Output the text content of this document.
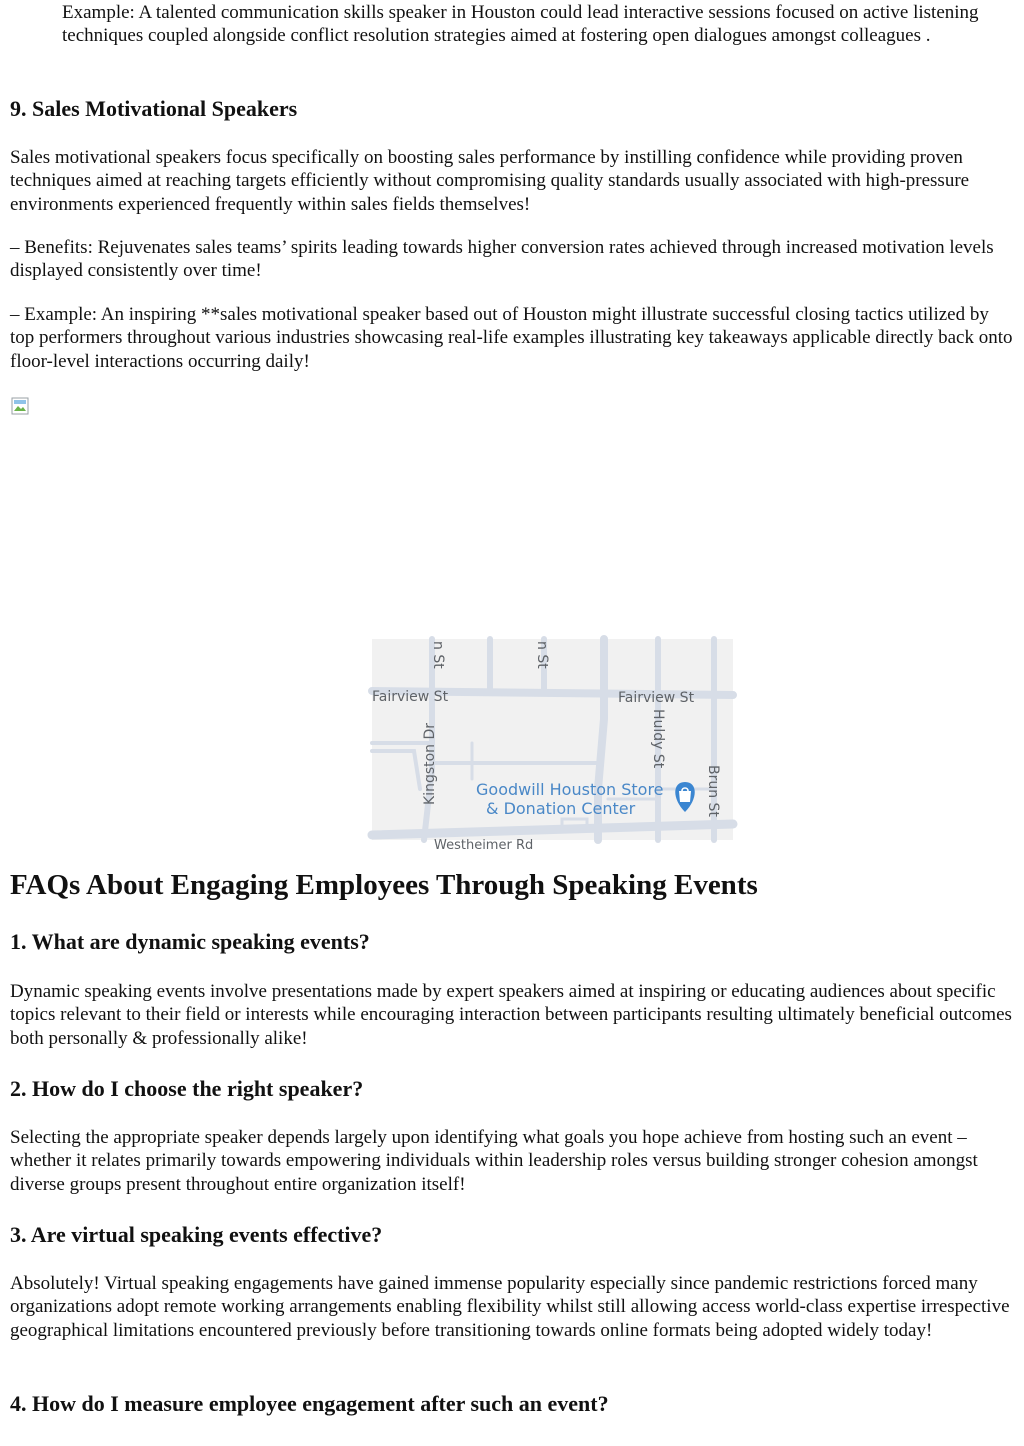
Example: A talented communication skills speaker in Houston could lead interactive sessions focused on active listening techniques coupled alongside conflict resolution strategies aimed at fostering open dialogues amongst colleagues .

9. Sales Motivational Speakers

Sales motivational speakers focus specifically on boosting sales performance by instilling confidence while providing proven techniques aimed at reaching targets efficiently without compromising quality standards usually associated with high-pressure environments experienced frequently within sales fields themselves!

– Benefits: Rejuvenates sales teams’ spirits leading towards higher conversion rates achieved through increased motivation levels displayed consistently over time!

– Example: An inspiring **sales motivational speaker based out of Houston might illustrate successful closing tactics utilized by top performers throughout various industries showcasing real-life examples illustrating key takeaways applicable directly back onto floor-level interactions occurring daily!

n St	n St
Fairview St	Fairview St
Kingston Dr	Huldy St
Brun St
Westheimer Rd
Goodwill Houston Store
& Donation Center
FAQs About Engaging Employees Through Speaking Events
1. What are dynamic speaking events?

Dynamic speaking events involve presentations made by expert speakers aimed at inspiring or educating audiences about specific topics relevant to their field or interests while encouraging interaction between participants resulting ultimately beneficial outcomes both personally & professionally alike!

2. How do I choose the right speaker?

Selecting the appropriate speaker depends largely upon identifying what goals you hope achieve from hosting such an event – whether it relates primarily towards empowering individuals within leadership roles versus building stronger cohesion amongst diverse groups present throughout entire organization itself!

3. Are virtual speaking events effective?

Absolutely! Virtual speaking engagements have gained immense popularity especially since pandemic restrictions forced many organizations adopt remote working arrangements enabling flexibility whilst still allowing access world-class expertise irrespective geographical limitations encountered previously before transitioning towards online formats being adopted widely today!

4. How do I measure employee engagement after such an event?
